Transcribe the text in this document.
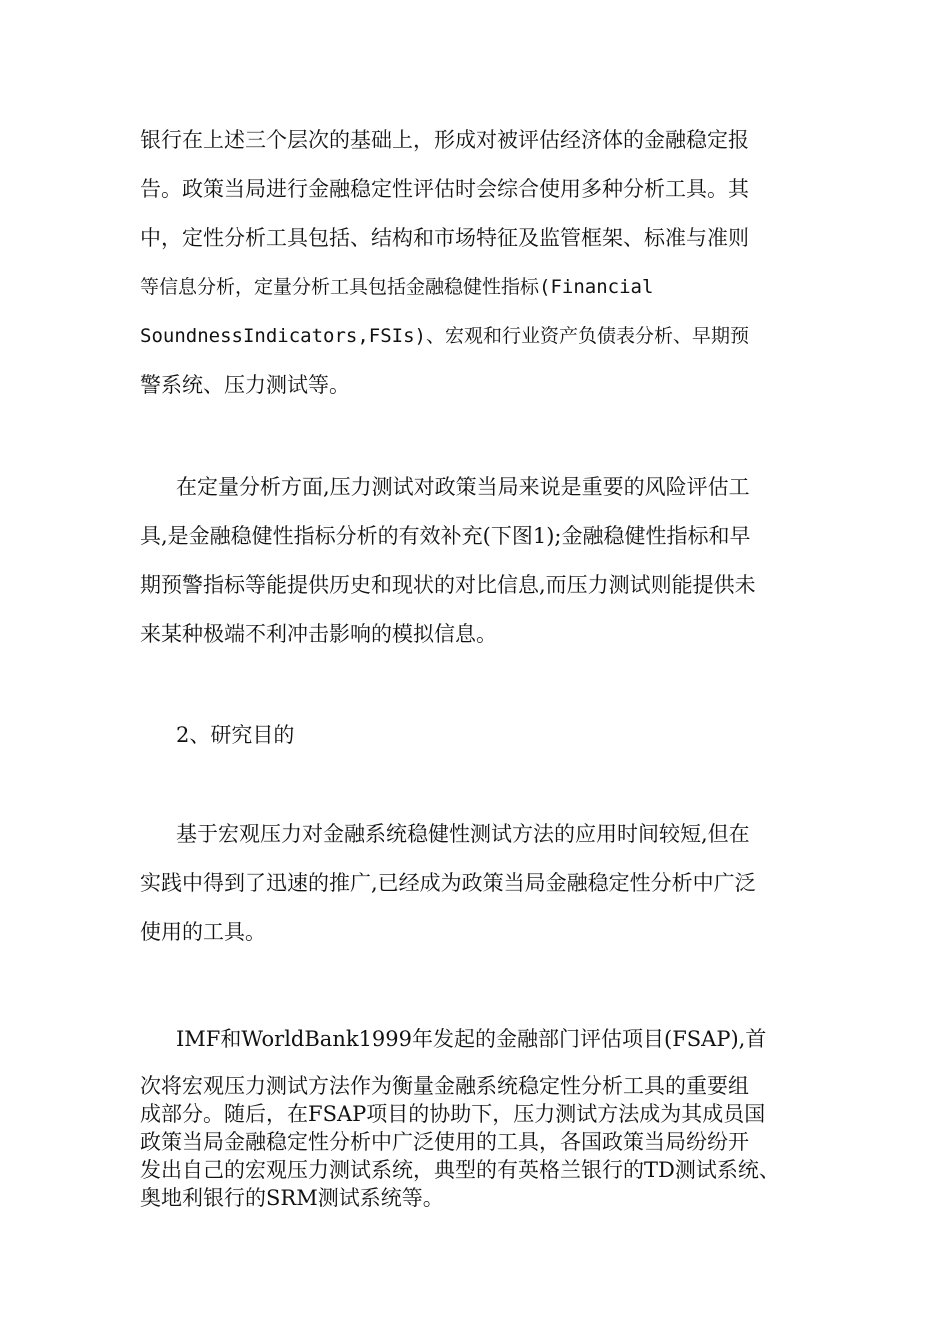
银行在上述三个层次的基础上，形成对被评估经济体的金融稳定报
告。政策当局进行金融稳定性评估时会综合使用多种分析工具。其
中，定性分析工具包括、结构和市场特征及监管框架、标准与准则
等信息分析，定量分析工具包括金融稳健性指标(Financial
SoundnessIndicators,FSIs)、宏观和行业资产负债表分析、早期预
警系统、压力测试等。
在定量分析方面,压力测试对政策当局来说是重要的风险评估工
具,是金融稳健性指标分析的有效补充(下图1);金融稳健性指标和早
期预警指标等能提供历史和现状的对比信息,而压力测试则能提供未
来某种极端不利冲击影响的模拟信息。
2、研究目的
基于宏观压力对金融系统稳健性测试方法的应用时间较短,但在
实践中得到了迅速的推广,已经成为政策当局金融稳定性分析中广泛
使用的工具。
IMF和WorldBank1999年发起的金融部门评估项目(FSAP),首
次将宏观压力测试方法作为衡量金融系统稳定性分析工具的重要组
成部分。随后，在FSAP项目的协助下，压力测试方法成为其成员国
政策当局金融稳定性分析中广泛使用的工具，各国政策当局纷纷开
发出自己的宏观压力测试系统，典型的有英格兰银行的TD测试系统、
奥地利银行的SRM测试系统等。
